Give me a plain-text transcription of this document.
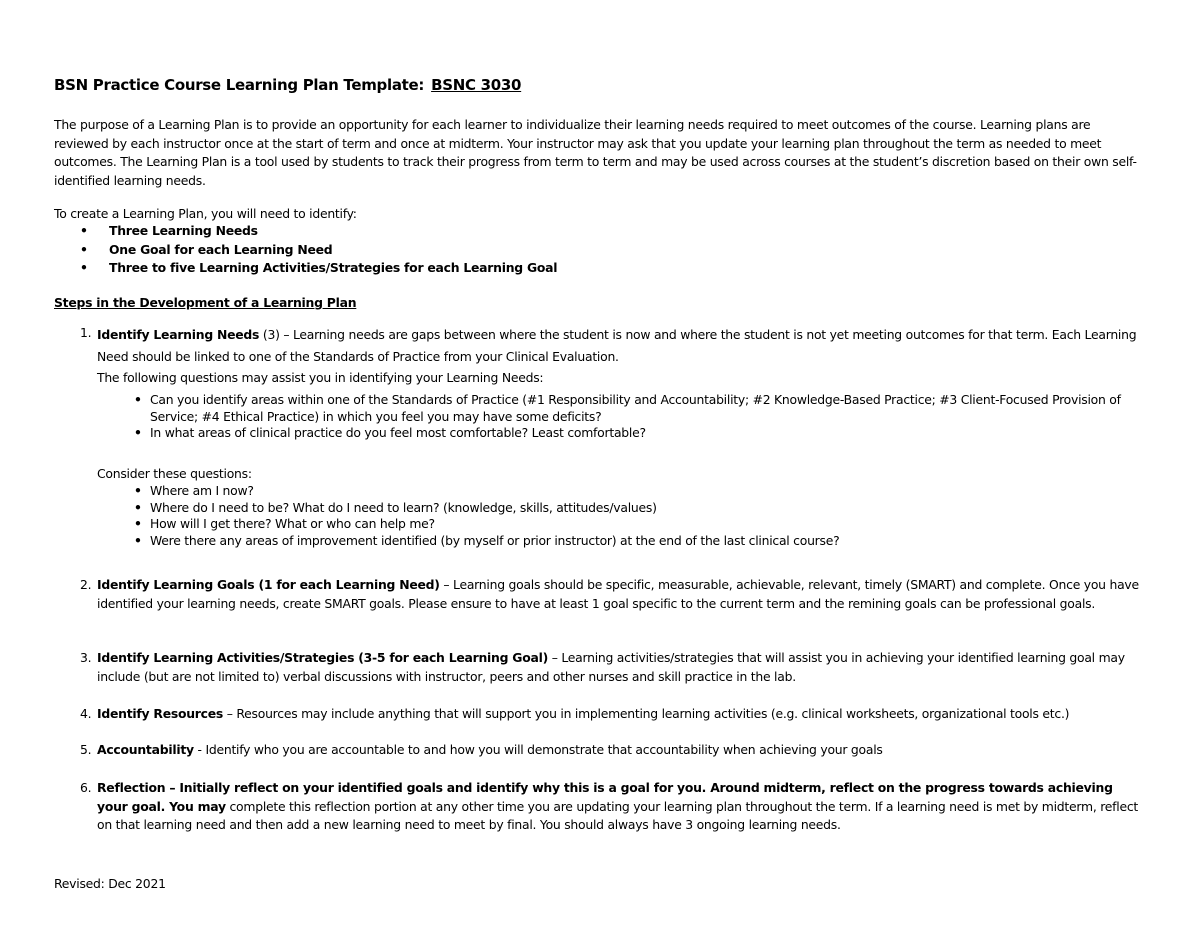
BSN Practice Course Learning Plan Template: BSNC 3030
The purpose of a Learning Plan is to provide an opportunity for each learner to individualize their learning needs required to meet outcomes of the course. Learning plans are reviewed by each instructor once at the start of term and once at midterm. Your instructor may ask that you update your learning plan throughout the term as needed to meet outcomes. The Learning Plan is a tool used by students to track their progress from term to term and may be used across courses at the student’s discretion based on their own self-identified learning needs.
To create a Learning Plan, you will need to identify:
• Three Learning Needs
• One Goal for each Learning Need
• Three to five Learning Activities/Strategies for each Learning Goal
Steps in the Development of a Learning Plan
1. Identify Learning Needs (3) – Learning needs are gaps between where the student is now and where the student is not yet meeting outcomes for that term. Each Learning Need should be linked to one of the Standards of Practice from your Clinical Evaluation.
The following questions may assist you in identifying your Learning Needs:
• Can you identify areas within one of the Standards of Practice (#1 Responsibility and Accountability; #2 Knowledge-Based Practice; #3 Client-Focused Provision of Service; #4 Ethical Practice) in which you feel you may have some deficits?
• In what areas of clinical practice do you feel most comfortable? Least comfortable?
Consider these questions:
• Where am I now?
• Where do I need to be? What do I need to learn? (knowledge, skills, attitudes/values)
• How will I get there? What or who can help me?
• Were there any areas of improvement identified (by myself or prior instructor) at the end of the last clinical course?
2. Identify Learning Goals (1 for each Learning Need) – Learning goals should be specific, measurable, achievable, relevant, timely (SMART) and complete. Once you have identified your learning needs, create SMART goals. Please ensure to have at least 1 goal specific to the current term and the remining goals can be professional goals.
3. Identify Learning Activities/Strategies (3-5 for each Learning Goal) – Learning activities/strategies that will assist you in achieving your identified learning goal may include (but are not limited to) verbal discussions with instructor, peers and other nurses and skill practice in the lab.
4. Identify Resources – Resources may include anything that will support you in implementing learning activities (e.g. clinical worksheets, organizational tools etc.)
5. Accountability - Identify who you are accountable to and how you will demonstrate that accountability when achieving your goals
6. Reflection – Initially reflect on your identified goals and identify why this is a goal for you. Around midterm, reflect on the progress towards achieving your goal. You may complete this reflection portion at any other time you are updating your learning plan throughout the term. If a learning need is met by midterm, reflect on that learning need and then add a new learning need to meet by final. You should always have 3 ongoing learning needs.
Revised: Dec 2021
